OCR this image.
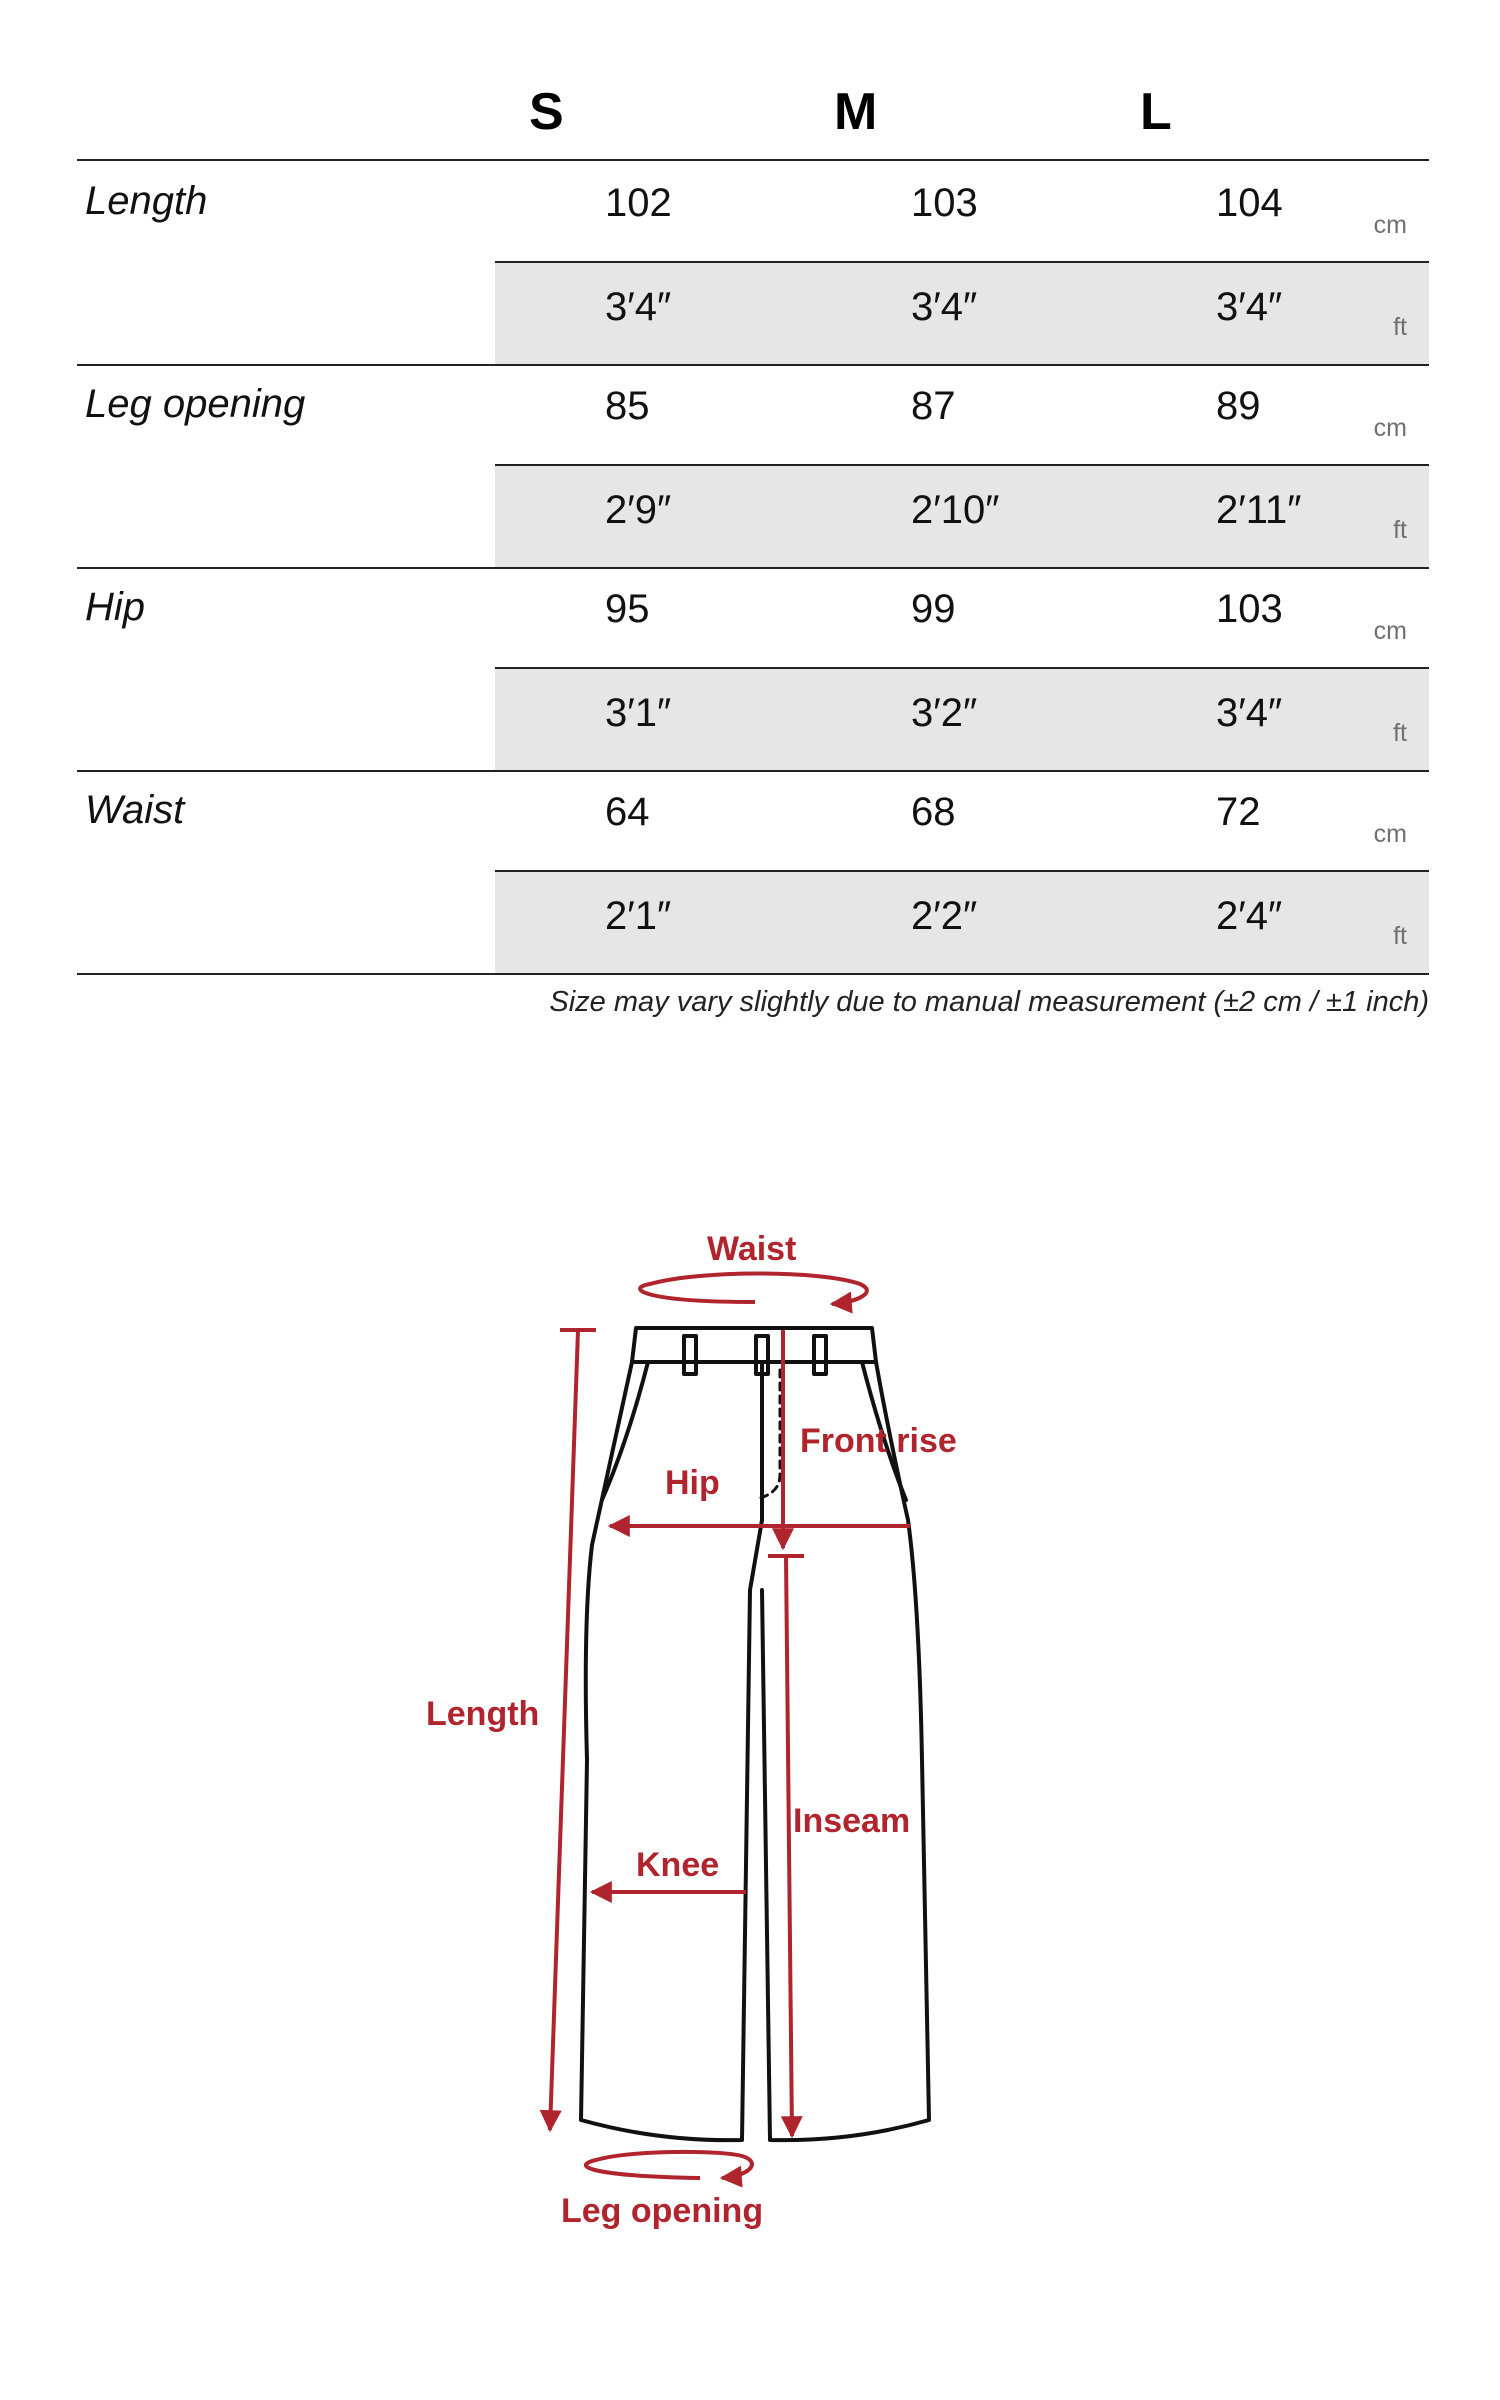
S	M	L
Length	102	103	104	cm
3′4″	3′4″	3′4″	ft
Leg opening	85	87	89	cm
2′9″	2′10″	2′11″	ft
Hip	95	99	103	cm
3′1″	3′2″	3′4″	ft
Waist	64	68	72	cm
2′1″	2′2″	2′4″	ft
Size may vary slightly due to manual measurement (±2 cm / ±1 inch)
Waist
Front rise
Hip
Length
Inseam
Knee
Leg opening
